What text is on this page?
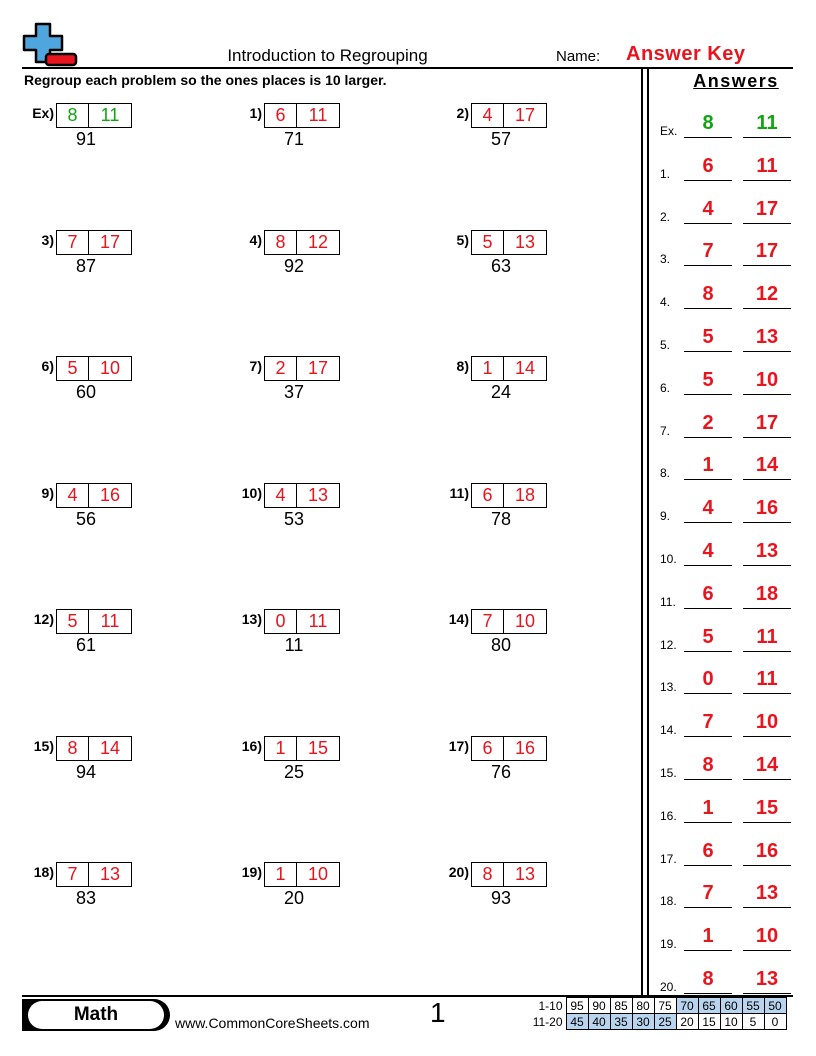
Introduction to Regrouping	Name: Answer Key
Regroup each problem so the ones places is 10 larger.
Ex) 8	11
91
1) 6	11
71
2) 4	17
57
3) 7	17
87
4) 8	12
92
5) 5	13
63
6) 5	10
60
7) 2	17
37
8) 1	14
24
9) 4	16
56
10) 4	13
53
11) 6	18
78
12) 5	11
61
13) 0	11
11
14) 7	10
80
15) 8	14
94
16) 1	15
25
17) 6	16
76
18) 7	13
83
19) 1	10
20
20) 8	13
93
Answers
Ex.	8	11
1.	6	11
2.	4	17
3.	7	17
4.	8	12
5.	5	13
6.	5	10
7.	2	17
8.	1	14
9.	4	16
10.	4	13
11.	6	18
12.	5	11
13.	0	11
14.	7	10
15.	8	14
16.	1	15
17.	6	16
18.	7	13
19.	1	10
20.	8	13
Math	www.CommonCoreSheets.com 1	1-10	95	90	85	80	75	70	65	60	55	50
11-20	45	40	35	30	25	20	15	10	5	0
